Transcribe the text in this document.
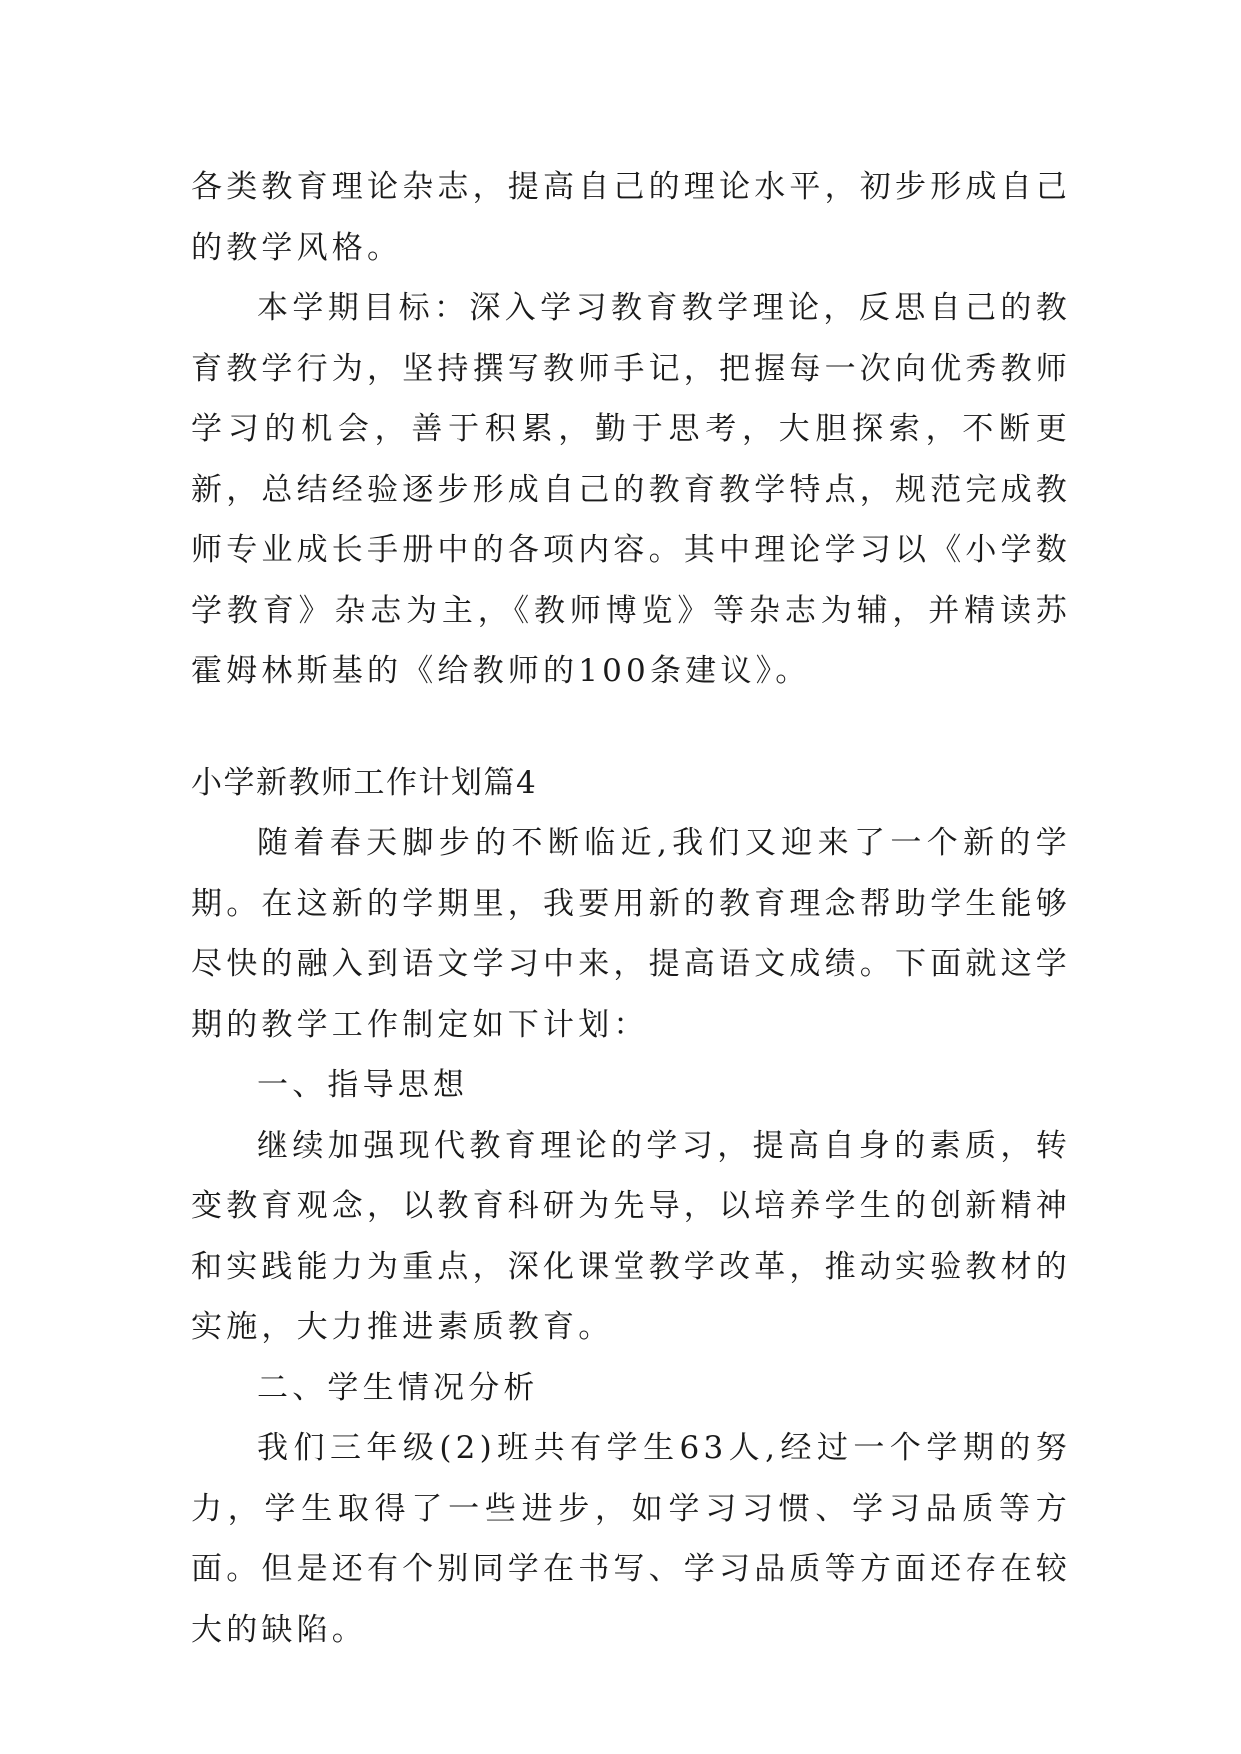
各类教育理论杂志，提高自己的理论水平，初步形成自己的教学风格。

本学期目标：深入学习教育教学理论，反思自己的教育教学行为，坚持撰写教师手记，把握每一次向优秀教师学习的机会，善于积累，勤于思考，大胆探索，不断更新，总结经验逐步形成自己的教育教学特点，规范完成教师专业成长手册中的各项内容。其中理论学习以《小学数学教育》杂志为主，《教师博览》等杂志为辅，并精读苏霍姆林斯基的《给教师的100条建议》。

小学新教师工作计划篇4

随着春天脚步的不断临近,我们又迎来了一个新的学期。在这新的学期里，我要用新的教育理念帮助学生能够尽快的融入到语文学习中来，提高语文成绩。下面就这学期的教学工作制定如下计划：

一、指导思想

继续加强现代教育理论的学习，提高自身的素质，转变教育观念，以教育科研为先导，以培养学生的创新精神和实践能力为重点，深化课堂教学改革，推动实验教材的实施，大力推进素质教育。

二、学生情况分析

我们三年级(2)班共有学生63人,经过一个学期的努力，学生取得了一些进步，如学习习惯、学习品质等方面。但是还有个别同学在书写、学习品质等方面还存在较大的缺陷。
